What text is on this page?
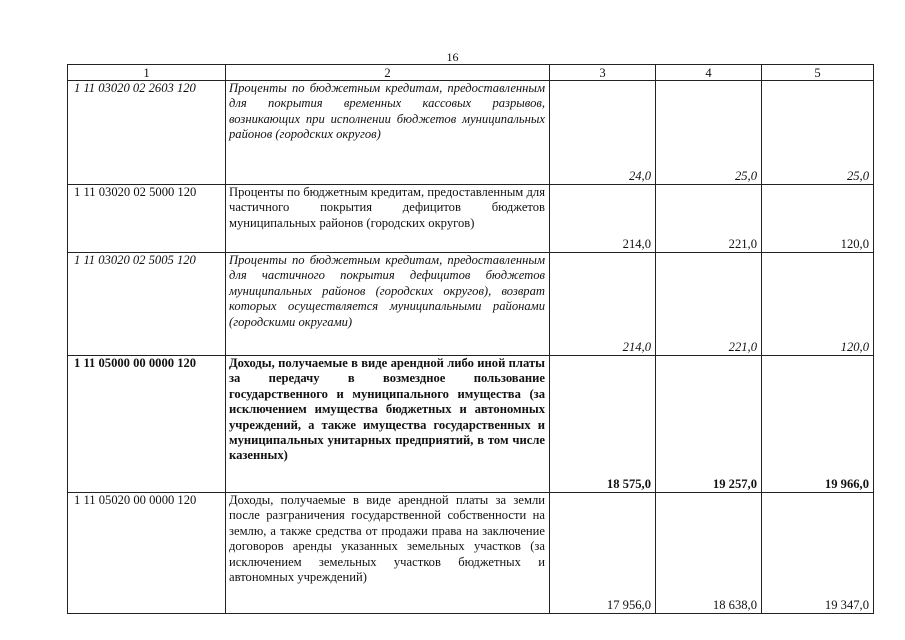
16
1	2	3	4	5
1 11 03020 02 2603 120	Проценты по бюджетным кредитам, предоставленным для покрытия временных кассовых разрывов, возникающих при исполнении бюджетов муниципальных районов (городских округов)	24,0	25,0	25,0
1 11 03020 02 5000 120	Проценты по бюджетным кредитам, предоставленным для частичного покрытия дефицитов бюджетов муниципальных районов (городских округов)	214,0	221,0	120,0
1 11 03020 02 5005 120	Проценты по бюджетным кредитам, предоставленным для частичного покрытия дефицитов бюджетов муниципальных районов (городских округов), возврат которых осуществляется муниципальными районами (городскими округами)	214,0	221,0	120,0
1 11 05000 00 0000 120	Доходы, получаемые в виде арендной либо иной платы за передачу в возмездное пользование государственного и муниципального имущества (за исключением имущества бюджетных и автономных учреждений, а также имущества государственных и муниципальных унитарных предприятий, в том числе казенных)	18 575,0	19 257,0	19 966,0
1 11 05020 00 0000 120	Доходы, получаемые в виде арендной платы за земли после разграничения государственной собственности на землю, а также средства от продажи права на заключение договоров аренды указанных земельных участков (за исключением земельных участков бюджетных и автономных учреждений)	17 956,0	18 638,0	19 347,0
